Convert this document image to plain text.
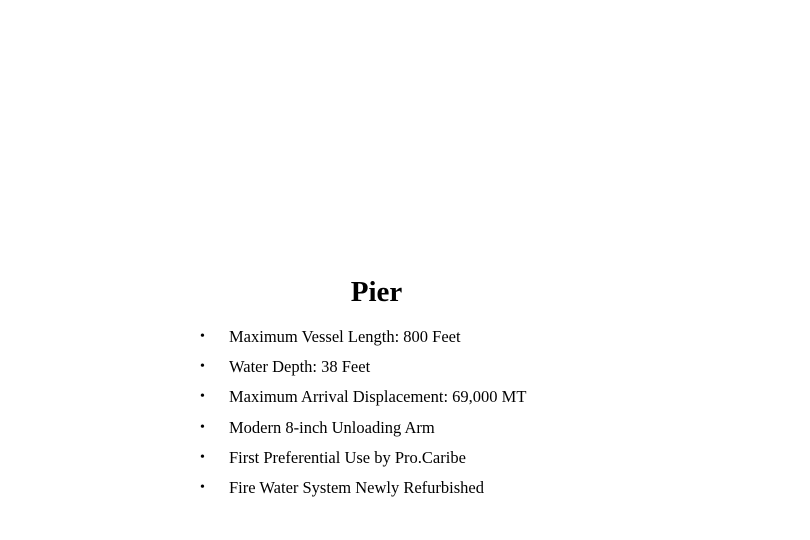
Pier
• Maximum Vessel Length: 800 Feet
• Water Depth: 38 Feet
• Maximum Arrival Displacement: 69,000 MT
• Modern 8-inch Unloading Arm
• First Preferential Use by Pro.Caribe
• Fire Water System Newly Refurbished
